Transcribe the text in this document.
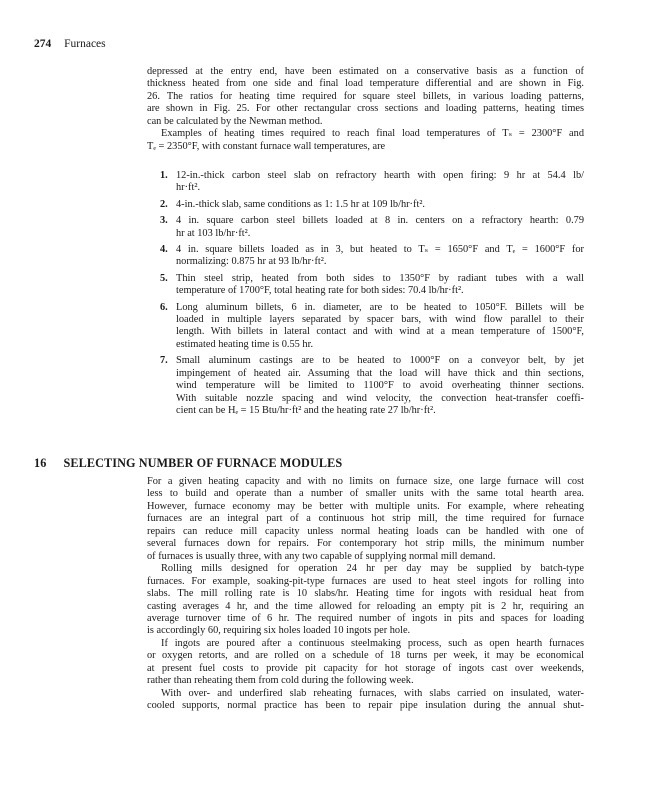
274 Furnaces

depressed at the entry end, have been estimated on a conservative basis as a function of
thickness heated from one side and final load temperature differential and are shown in Fig.
26. The ratios for heating time required for square steel billets, in various loading patterns,
are shown in Fig. 25. For other rectangular cross sections and loading patterns, heating times
can be calculated by the Newman method.

Examples of heating times required to reach final load temperatures of Tₛ = 2300°F and

Tₑ = 2350°F, with constant furnace wall temperatures, are

1. 12-in.-thick carbon steel slab on refractory hearth with open firing: 9 hr at 54.4 lb/
hr·ft².
2. 4-in.-thick slab, same conditions as 1: 1.5 hr at 109 lb/hr·ft².
3. 4 in. square carbon steel billets loaded at 8 in. centers on a refractory hearth: 0.79
hr at 103 lb/hr·ft².
4. 4 in. square billets loaded as in 3, but heated to Tₛ = 1650°F and Tₑ = 1600°F for
normalizing: 0.875 hr at 93 lb/hr·ft².
5. Thin steel strip, heated from both sides to 1350°F by radiant tubes with a wall
temperature of 1700°F, total heating rate for both sides: 70.4 lb/hr·ft².
6. Long aluminum billets, 6 in. diameter, are to be heated to 1050°F. Billets will be
loaded in multiple layers separated by spacer bars, with wind flow parallel to their
length. With billets in lateral contact and with wind at a mean temperature of 1500°F,
estimated heating time is 0.55 hr.
7. Small aluminum castings are to be heated to 1000°F on a conveyor belt, by jet
impingement of heated air. Assuming that the load will have thick and thin sections,
wind temperature will be limited to 1100°F to avoid overheating thinner sections.
With suitable nozzle spacing and wind velocity, the convection heat-transfer coeffi-
cient can be Hₑ = 15 Btu/hr·ft² and the heating rate 27 lb/hr·ft².
16 SELECTING NUMBER OF FURNACE MODULES

For a given heating capacity and with no limits on furnace size, one large furnace will cost
less to build and operate than a number of smaller units with the same total hearth area.
However, furnace economy may be better with multiple units. For example, where reheating
furnaces are an integral part of a continuous hot strip mill, the time required for furnace
repairs can reduce mill capacity unless normal heating loads can be handled with one of
several furnaces down for repairs. For contemporary hot strip mills, the minimum number
of furnaces is usually three, with any two capable of supplying normal mill demand.

Rolling mills designed for operation 24 hr per day may be supplied by batch-type
furnaces. For example, soaking-pit-type furnaces are used to heat steel ingots for rolling into
slabs. The mill rolling rate is 10 slabs/hr. Heating time for ingots with residual heat from
casting averages 4 hr, and the time allowed for reloading an empty pit is 2 hr, requiring an
average turnover time of 6 hr. The required number of ingots in pits and spaces for loading
is accordingly 60, requiring six holes loaded 10 ingots per hole.

If ingots are poured after a continuous steelmaking process, such as open hearth furnaces
or oxygen retorts, and are rolled on a schedule of 18 turns per week, it may be economical
at present fuel costs to provide pit capacity for hot storage of ingots cast over weekends,
rather than reheating them from cold during the following week.

With over- and underfired slab reheating furnaces, with slabs carried on insulated, water-
cooled supports, normal practice has been to repair pipe insulation during the annual shut-
